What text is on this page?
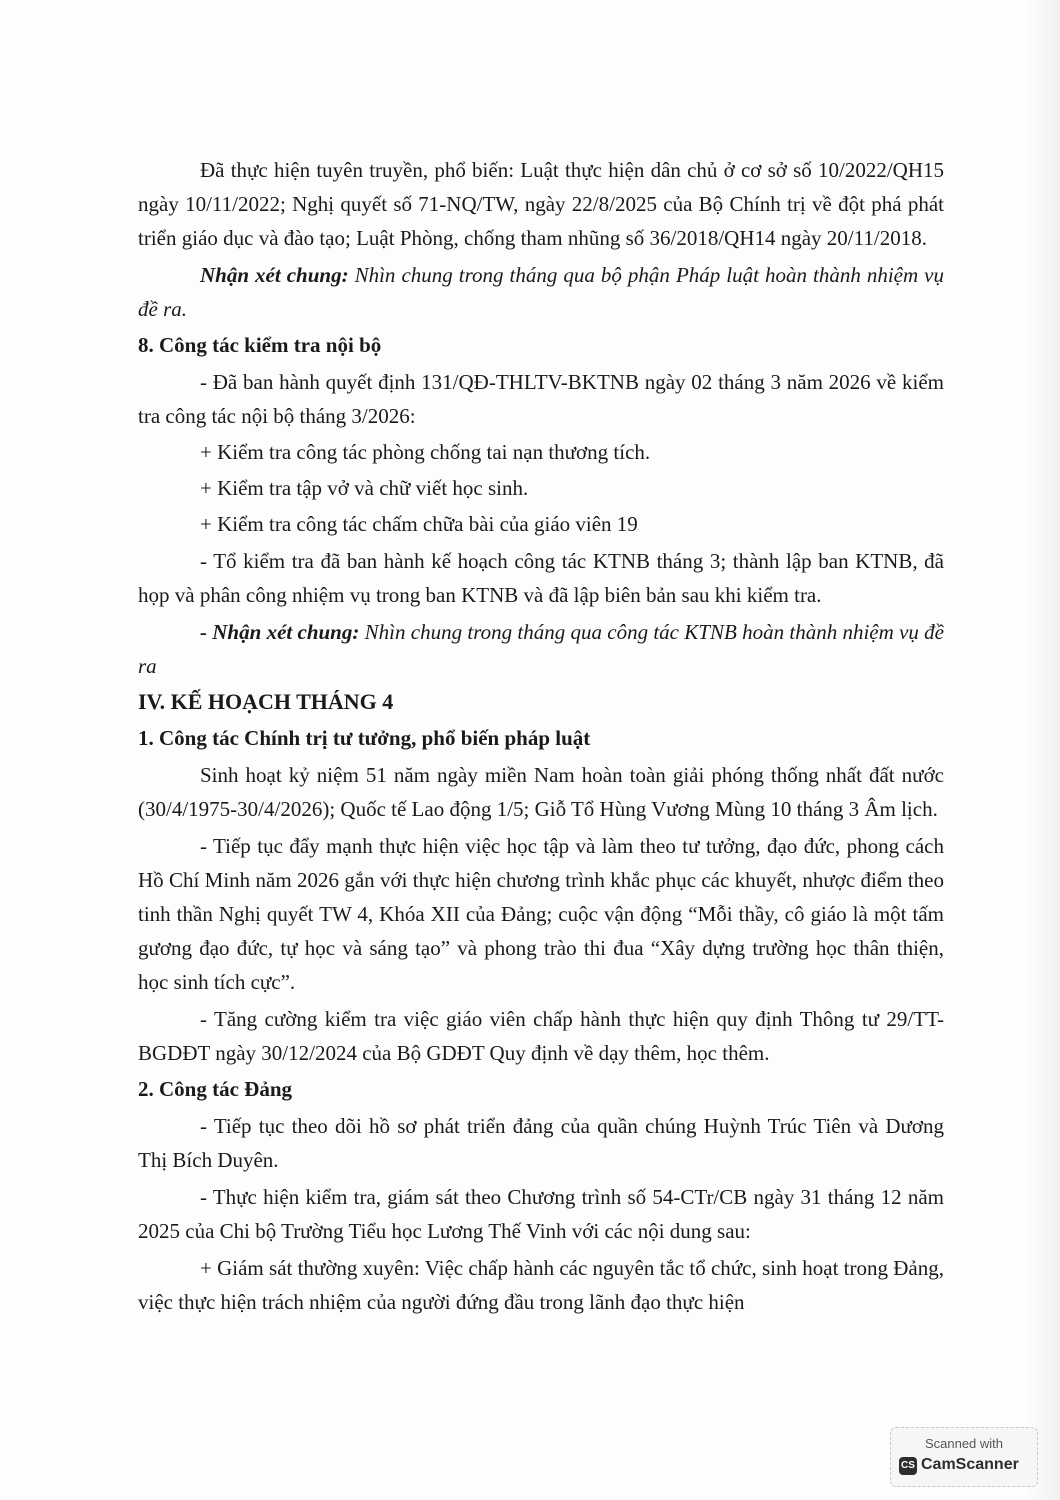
Đã thực hiện tuyên truyền, phổ biến: Luật thực hiện dân chủ ở cơ sở số 10/2022/QH15 ngày 10/11/2022; Nghị quyết số 71-NQ/TW, ngày 22/8/2025 của Bộ Chính trị về đột phá phát triển giáo dục và đào tạo; Luật Phòng, chống tham nhũng số 36/2018/QH14 ngày 20/11/2018.

Nhận xét chung: Nhìn chung trong tháng qua bộ phận Pháp luật hoàn thành nhiệm vụ đề ra.

8. Công tác kiểm tra nội bộ

- Đã ban hành quyết định 131/QĐ-THLTV-BKTNB ngày 02 tháng 3 năm 2026 về kiểm tra công tác nội bộ tháng 3/2026:

+ Kiểm tra công tác phòng chống tai nạn thương tích.

+ Kiểm tra tập vở và chữ viết học sinh.

+ Kiểm tra công tác chấm chữa bài của giáo viên 19

- Tổ kiểm tra đã ban hành kế hoạch công tác KTNB tháng 3; thành lập ban KTNB, đã họp và phân công nhiệm vụ trong ban KTNB và đã lập biên bản sau khi kiểm tra.

- Nhận xét chung: Nhìn chung trong tháng qua công tác KTNB hoàn thành nhiệm vụ đề ra

IV. KẾ HOẠCH THÁNG 4

1. Công tác Chính trị tư tưởng, phổ biến pháp luật

Sinh hoạt kỷ niệm 51 năm ngày miền Nam hoàn toàn giải phóng thống nhất đất nước (30/4/1975-30/4/2026); Quốc tế Lao động 1/5; Giỗ Tổ Hùng Vương Mùng 10 tháng 3 Âm lịch.

- Tiếp tục đẩy mạnh thực hiện việc học tập và làm theo tư tưởng, đạo đức, phong cách Hồ Chí Minh năm 2026 gắn với thực hiện chương trình khắc phục các khuyết, nhược điểm theo tinh thần Nghị quyết TW 4, Khóa XII của Đảng; cuộc vận động “Mỗi thầy, cô giáo là một tấm gương đạo đức, tự học và sáng tạo” và phong trào thi đua “Xây dựng trường học thân thiện, học sinh tích cực”.

- Tăng cường kiểm tra việc giáo viên chấp hành thực hiện quy định Thông tư 29/TT-BGDĐT ngày 30/12/2024 của Bộ GDĐT Quy định về dạy thêm, học thêm.

2. Công tác Đảng

- Tiếp tục theo dõi hồ sơ phát triển đảng của quần chúng Huỳnh Trúc Tiên và Dương Thị Bích Duyên.

- Thực hiện kiểm tra, giám sát theo Chương trình số 54-CTr/CB ngày 31 tháng 12 năm 2025 của Chi bộ Trường Tiểu học Lương Thế Vinh với các nội dung sau:

+ Giám sát thường xuyên: Việc chấp hành các nguyên tắc tổ chức, sinh hoạt trong Đảng, việc thực hiện trách nhiệm của người đứng đầu trong lãnh đạo thực hiện

Scanned with
CS CamScanner
